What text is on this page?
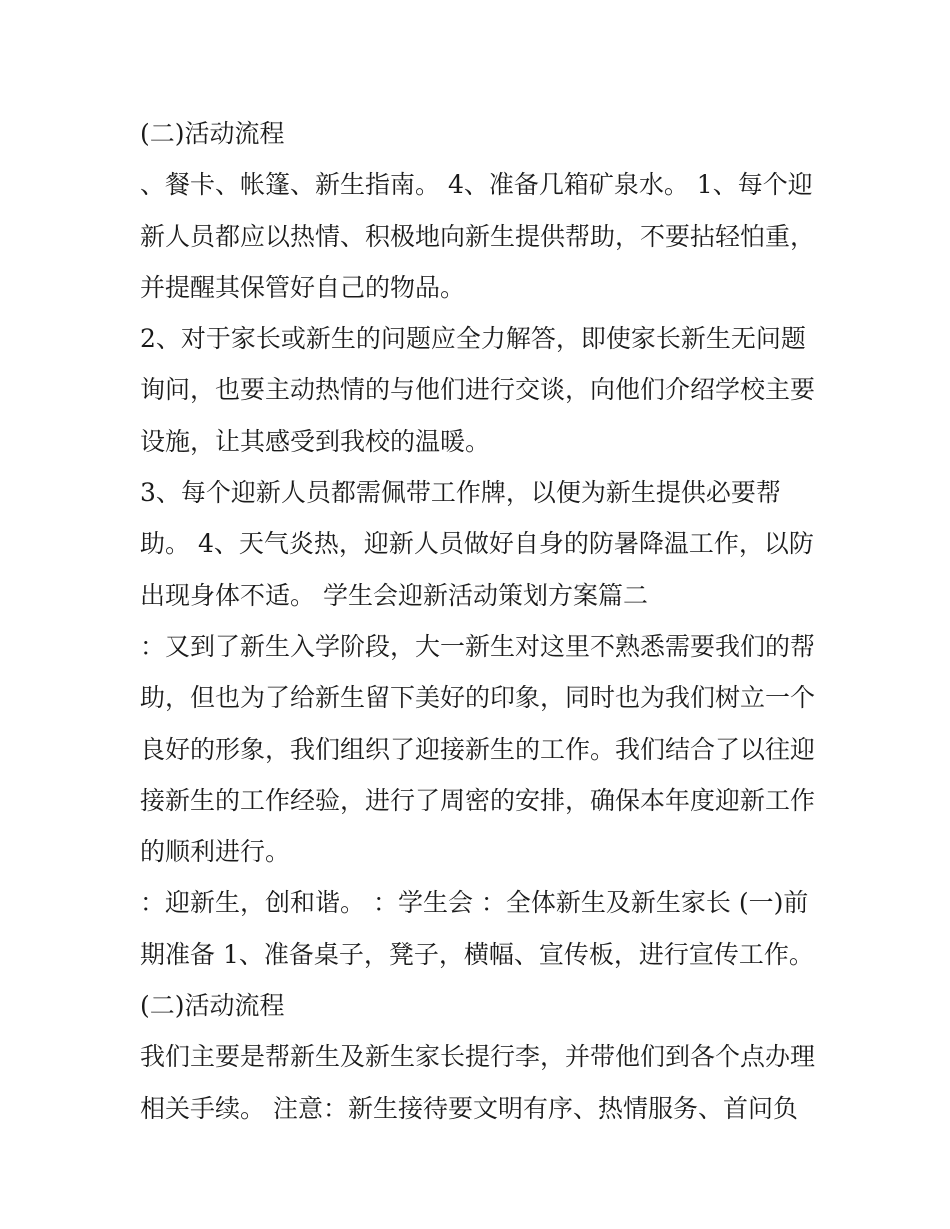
(二)活动流程
、餐卡、帐篷、新生指南。 4、准备几箱矿泉水。 1、每个迎
新人员都应以热情、积极地向新生提供帮助，不要拈轻怕重，
并提醒其保管好自己的物品。
2、对于家长或新生的问题应全力解答，即使家长新生无问题
询问，也要主动热情的与他们进行交谈，向他们介绍学校主要
设施，让其感受到我校的温暖。
3、每个迎新人员都需佩带工作牌，以便为新生提供必要帮
助。 4、天气炎热，迎新人员做好自身的防暑降温工作，以防
出现身体不适。 学生会迎新活动策划方案篇二
：又到了新生入学阶段，大一新生对这里不熟悉需要我们的帮
助，但也为了给新生留下美好的印象，同时也为我们树立一个
良好的形象，我们组织了迎接新生的工作。我们结合了以往迎
接新生的工作经验，进行了周密的安排，确保本年度迎新工作
的顺利进行。
：迎新生，创和谐。 ：学生会 ：全体新生及新生家长 (一)前
期准备 1、准备桌子，凳子，横幅、宣传板，进行宣传工作。
(二)活动流程
我们主要是帮新生及新生家长提行李，并带他们到各个点办理
相关手续。 注意：新生接待要文明有序、热情服务、首问负
